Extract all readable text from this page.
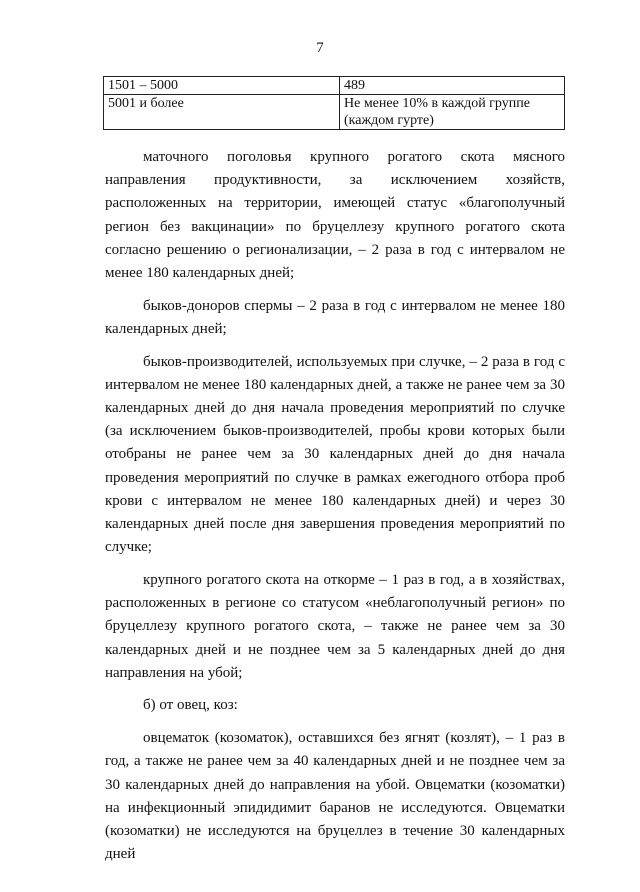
7
1501 – 5000	489
5001 и более	Не менее 10% в каждой группе (каждом гурте)

маточного поголовья крупного рогатого скота мясного направления продуктивности, за исключением хозяйств, расположенных на территории, имеющей статус «благополучный регион без вакцинации» по бруцеллезу крупного рогатого скота согласно решению о регионализации, – 2 раза в год с интервалом не менее 180 календарных дней;

быков-доноров спермы – 2 раза в год с интервалом не менее 180 календарных дней;

быков-производителей, используемых при случке, – 2 раза в год с интервалом не менее 180 календарных дней, а также не ранее чем за 30 календарных дней до дня начала проведения мероприятий по случке (за исключением быков-производителей, пробы крови которых были отобраны не ранее чем за 30 календарных дней до дня начала проведения мероприятий по случке в рамках ежегодного отбора проб крови с интервалом не менее 180 календарных дней) и через 30 календарных дней после дня завершения проведения мероприятий по случке;

крупного рогатого скота на откорме – 1 раз в год, а в хозяйствах, расположенных в регионе со статусом «неблагополучный регион» по бруцеллезу крупного рогатого скота, – также не ранее чем за 30 календарных дней и не позднее чем за 5 календарных дней до дня направления на убой;

б) от овец, коз:

овцематок (козоматок), оставшихся без ягнят (козлят), – 1 раз в год, а также не ранее чем за 40 календарных дней и не позднее чем за 30 календарных дней до направления на убой. Овцематки (козоматки) на инфекционный эпидидимит баранов не исследуются. Овцематки (козоматки) не исследуются на бруцеллез в течение 30 календарных дней
